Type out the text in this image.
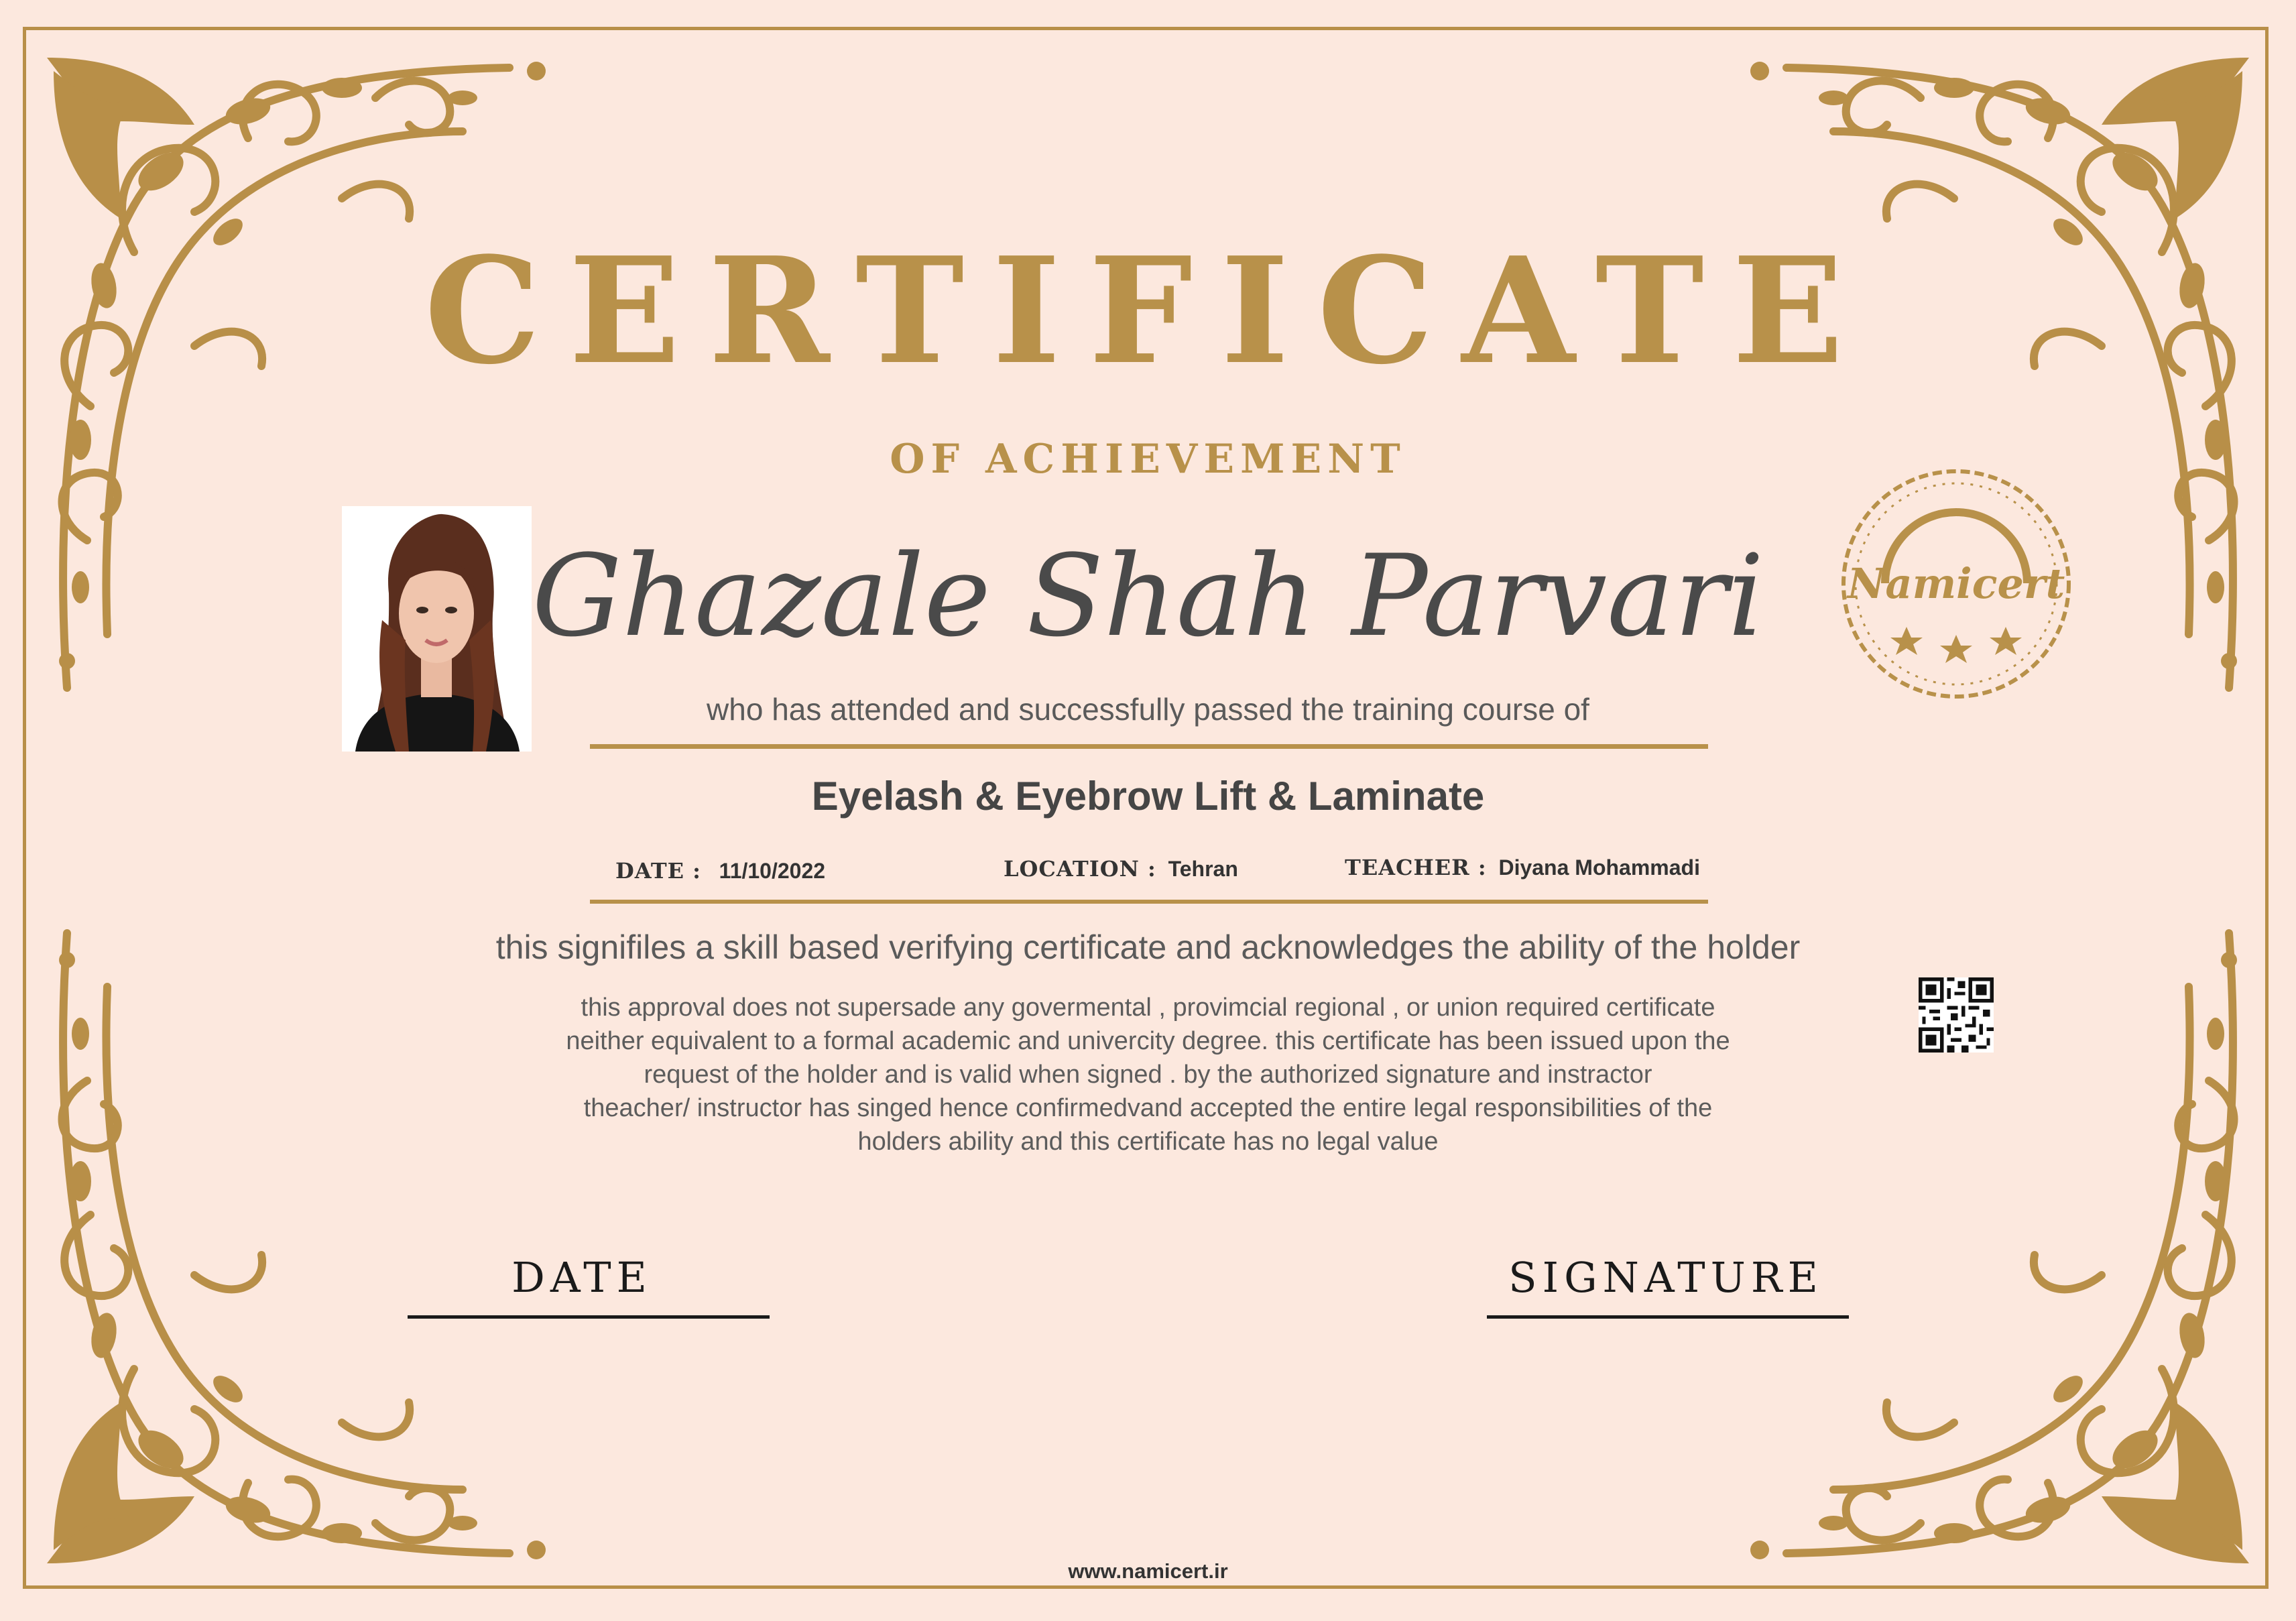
CERTIFICATE
OF ACHIEVEMENT
Ghazale Shah Parvari
who has attended and successfully passed the training course of
Eyelash & Eyebrow Lift & Laminate
DATE : 11/10/2022	LOCATION : Tehran	TEACHER : Diyana Mohammadi
this signifiles a skill based verifying certificate and acknowledges the ability of the holder
this approval does not supersade any govermental , provimcial regional , or union required certificate
neither equivalent to a formal academic and univercity degree. this certificate has been issued upon the
request of the holder and is valid when signed . by the authorized signature and instractor
theacher/ instructor has singed hence confirmedvand accepted the entire legal responsibilities of the
holders ability and this certificate has no legal value
Namicert
DATE	SIGNATURE
www.namicert.ir
